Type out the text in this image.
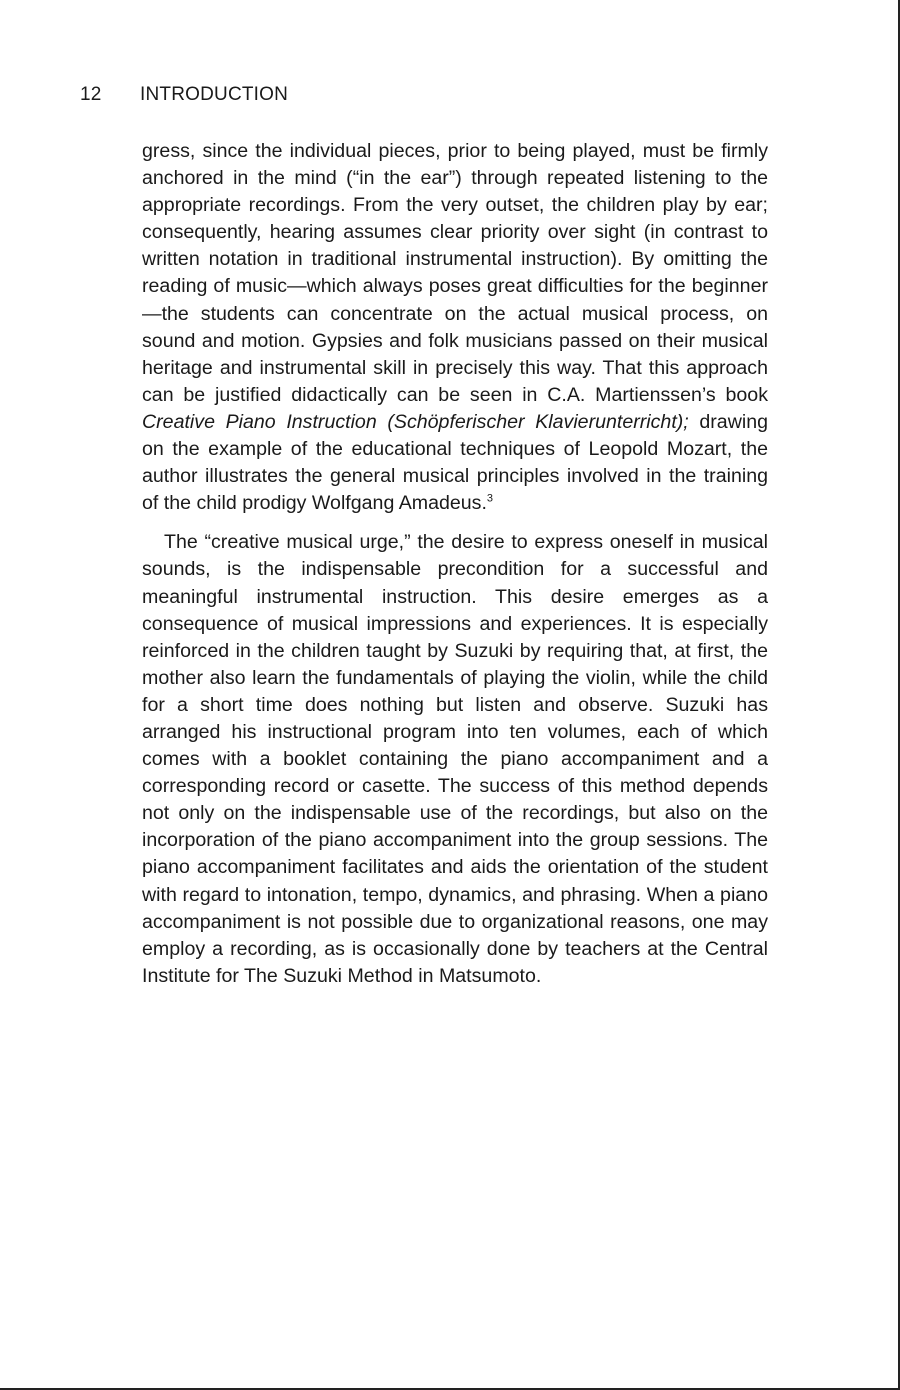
12 INTRODUCTION

gress, since the individual pieces, prior to being played, must be firmly anchored in the mind (“in the ear”) through repeated listening to the appropriate recordings. From the very outset, the children play by ear; consequently, hearing assumes clear priority over sight (in contrast to written notation in traditional instrumental instruction). By omitting the reading of music—which always poses great difficulties for the beginner—the students can concentrate on the actual musical process, on sound and motion. Gypsies and folk musicians passed on their musical heritage and instrumental skill in precisely this way. That this approach can be justified didactically can be seen in C.A. Martienssen’s book Creative Piano Instruction (Schöpferischer Klavierunterricht); drawing on the example of the educational techniques of Leopold Mozart, the author illustrates the general musical principles involved in the training of the child prodigy Wolfgang Amadeus.$^3$

The “creative musical urge,” the desire to express oneself in musical sounds, is the indispensable precondition for a successful and meaningful instrumental instruction. This desire emerges as a consequence of musical impressions and experiences. It is especially reinforced in the children taught by Suzuki by requiring that, at first, the mother also learn the fundamentals of playing the violin, while the child for a short time does nothing but listen and observe. Suzuki has arranged his instructional program into ten volumes, each of which comes with a booklet containing the piano accompaniment and a corresponding record or casette. The success of this method depends not only on the indispensable use of the recordings, but also on the incorporation of the piano accompaniment into the group sessions. The piano accompaniment facilitates and aids the orientation of the student with regard to intonation, tempo, dynamics, and phrasing. When a piano accompaniment is not possible due to organizational reasons, one may employ a recording, as is occasionally done by teachers at the Central Institute for The Suzuki Method in Matsumoto.
